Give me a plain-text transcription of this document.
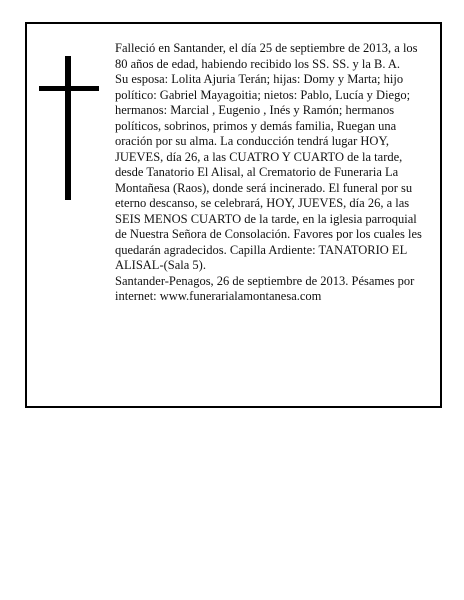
Falleció en Santander, el día 25 de septiembre de 2013, a los 80 años de edad, habiendo recibido los SS. SS. y la B. A.

Su esposa: Lolita Ajuria Terán; hijas: Domy y Marta; hijo político: Gabriel Mayagoitia; nietos: Pablo, Lucía y Diego; hermanos: Marcial , Eugenio , Inés y Ramón; hermanos políticos, sobrinos, primos y demás familia, Ruegan una oración por su alma. La conducción tendrá lugar HOY, JUEVES, día 26, a las CUATRO Y CUARTO de la tarde, desde Tanatorio El Alisal, al Crematorio de Funeraria La Montañesa (Raos), donde será incinerado. El funeral por su eterno descanso, se celebrará, HOY, JUEVES, día 26, a las SEIS MENOS CUARTO de la tarde, en la iglesia parroquial de Nuestra Señora de Consolación. Favores por los cuales les quedarán agradecidos. Capilla Ardiente: TANATORIO EL ALISAL-(Sala 5).

Santander-Penagos, 26 de septiembre de 2013. Pésames por internet: www.funerarialamontanesa.com
